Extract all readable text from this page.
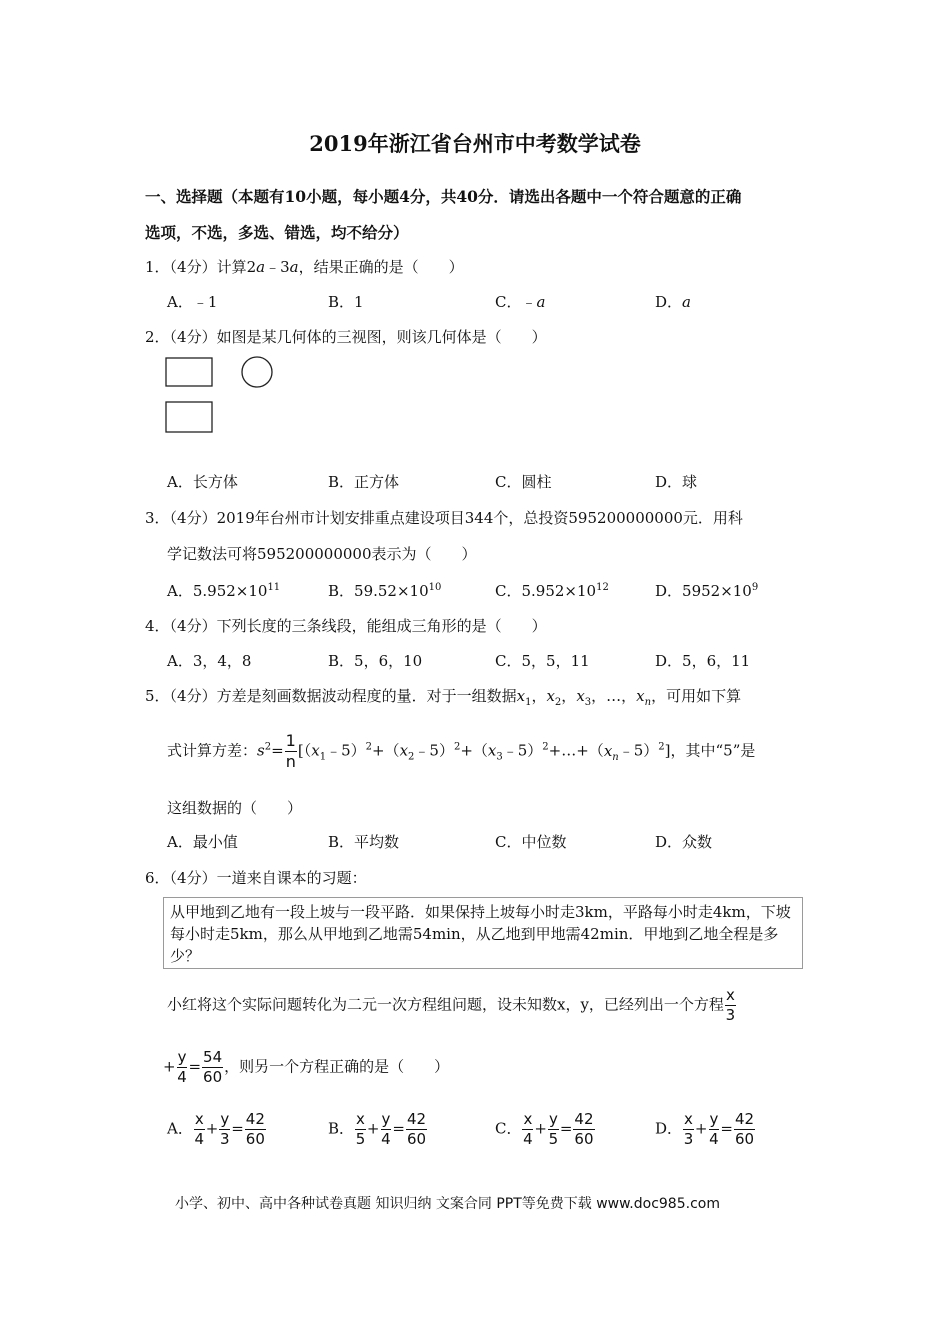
2019年浙江省台州市中考数学试卷
一、选择题（本题有10小题，每小题4分，共40分．请选出各题中一个符合题意的正确
选项，不选，多选、错选，均不给分）
1．（4分）计算2a﹣3a，结果正确的是（　　）
A．﹣1	B．1	C．﹣a	D．a
2．（4分）如图是某几何体的三视图，则该几何体是（　　）
A．长方体	B．正方体	C．圆柱	D．球
3．（4分）2019年台州市计划安排重点建设项目344个，总投资595200000000元．用科
学记数法可将595200000000表示为（　　）
A．$5.952\times 10^{11}$	B．$59.52\times 10^{10}$	C．$5.952\times 10^{12}$	D．$5952\times 10^9$
4．（4分）下列长度的三条线段，能组成三角形的是（　　）
A．3，4，8	B．5，6，10	C．5，5，11	D．5，6，11
5．（4分）方差是刻画数据波动程度的量．对于一组数据$x_1$，$x_2$，$x_3$，…，$x_n$，可用如下算
式计算方差：$s^2= \frac{1}{n}$ $[(x_1﹣5)^2+(x_2﹣5)^2+(x_3﹣5)^2+\dots+(x_n﹣5)^2]$，其中“5”是
这组数据的（　　）
A．最小值	B．平均数	C．中位数	D．众数
6．（4分）一道来自课本的习题：
从甲地到乙地有一段上坡与一段平路．如果保持上坡每小时走3km，平路每小时走4km，下坡每小时走5km，那么从甲地到乙地需54min，从乙地到甲地需42min．甲地到乙地全程是多少？
小红将这个实际问题转化为二元一次方程组问题，设未知数x，y，已经列出一个方程 $\frac{x}{3}$
+ $\frac{y}{4} = \frac{54}{60}$ ，则另一个方程正确的是（　　）
A． $\frac{x}{4} + \frac{y}{3} = \frac{42}{60}$	B． $\frac{x}{5} + \frac{y}{4} = \frac{42}{60}$	C． $\frac{x}{4} + \frac{y}{5} = \frac{42}{60}$	D． $\frac{x}{3} + \frac{y}{4} = \frac{42}{60}$
小学、初中、高中各种试卷真题 知识归纳 文案合同 PPT等免费下载 www.doc985.com
